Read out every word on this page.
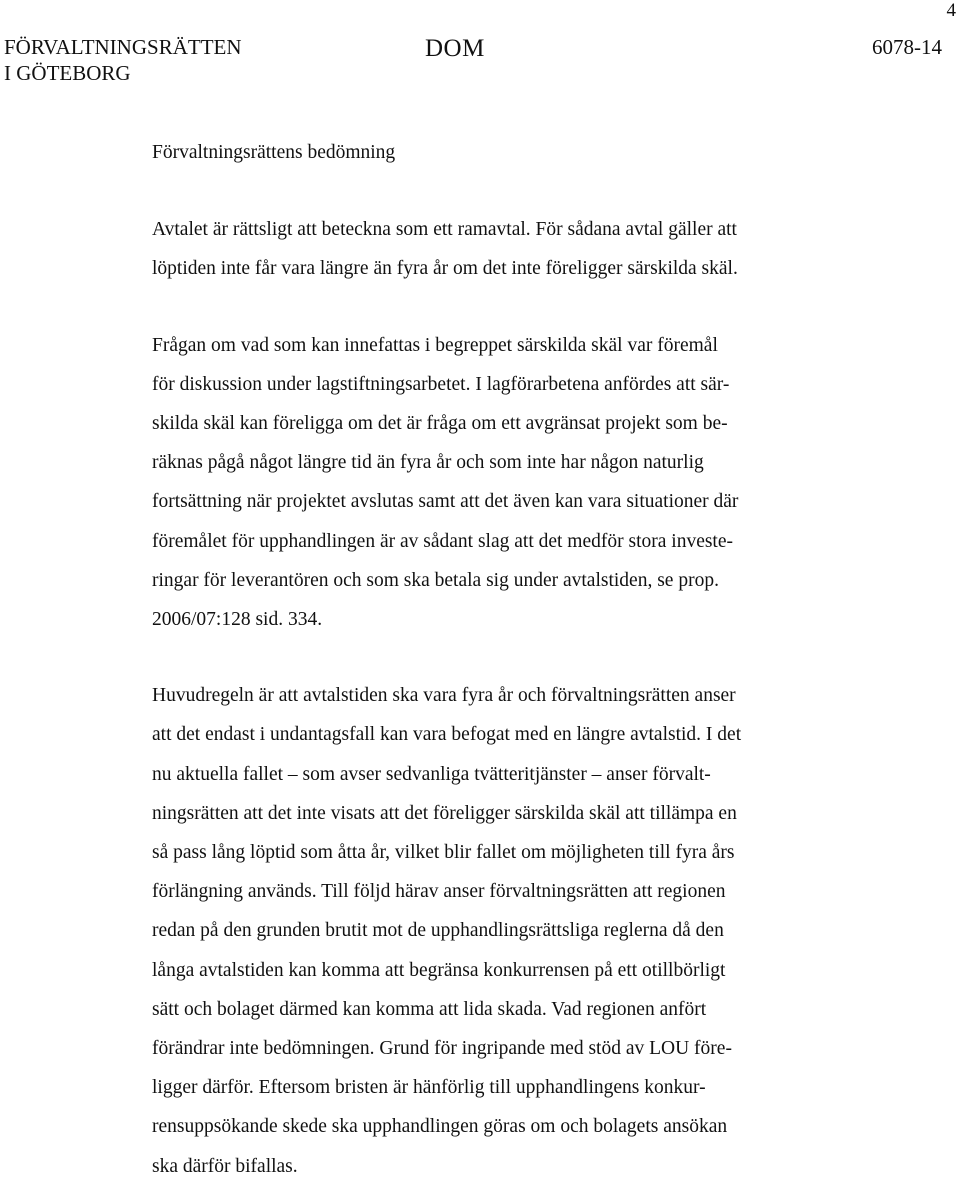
4
FÖRVALTNINGSRÄTTEN
I GÖTEBORG
DOM	6078-14
Förvaltningsrättens bedömning
Avtalet är rättsligt att beteckna som ett ramavtal. För sådana avtal gäller att
löptiden inte får vara längre än fyra år om det inte föreligger särskilda skäl.
Frågan om vad som kan innefattas i begreppet särskilda skäl var föremål
för diskussion under lagstiftningsarbetet. I lagförarbetena anfördes att sär-
skilda skäl kan föreligga om det är fråga om ett avgränsat projekt som be-
räknas pågå något längre tid än fyra år och som inte har någon naturlig
fortsättning när projektet avslutas samt att det även kan vara situationer där
föremålet för upphandlingen är av sådant slag att det medför stora investe-
ringar för leverantören och som ska betala sig under avtalstiden, se prop.
2006/07:128 sid. 334.
Huvudregeln är att avtalstiden ska vara fyra år och förvaltningsrätten anser
att det endast i undantagsfall kan vara befogat med en längre avtalstid. I det
nu aktuella fallet – som avser sedvanliga tvätteritjänster – anser förvalt-
ningsrätten att det inte visats att det föreligger särskilda skäl att tillämpa en
så pass lång löptid som åtta år, vilket blir fallet om möjligheten till fyra års
förlängning används. Till följd härav anser förvaltningsrätten att regionen
redan på den grunden brutit mot de upphandlingsrättsliga reglerna då den
långa avtalstiden kan komma att begränsa konkurrensen på ett otillbörligt
sätt och bolaget därmed kan komma att lida skada. Vad regionen anfört
förändrar inte bedömningen. Grund för ingripande med stöd av LOU före-
ligger därför. Eftersom bristen är hänförlig till upphandlingens konkur-
rensuppsökande skede ska upphandlingen göras om och bolagets ansökan
ska därför bifallas.
